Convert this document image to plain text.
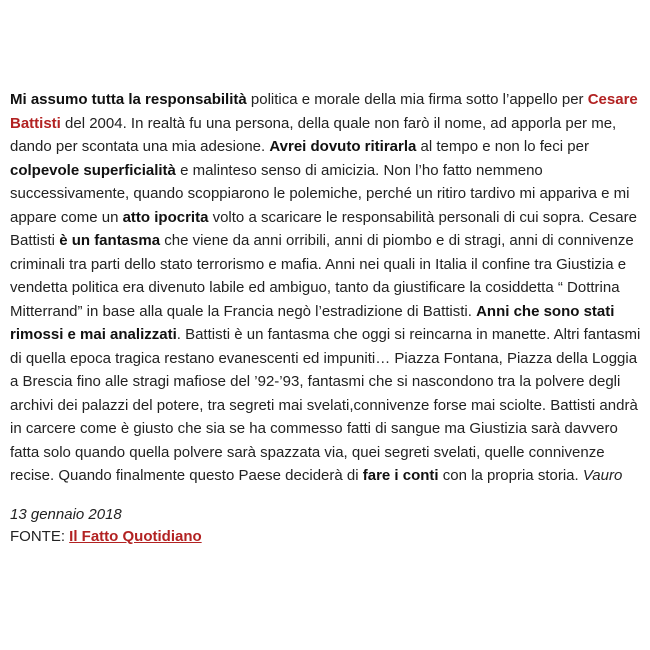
Mi assumo tutta la responsabilità politica e morale della mia firma sotto l’appello per Cesare Battisti del 2004. In realtà fu una persona, della quale non farò il nome, ad apporla per me, dando per scontata una mia adesione. Avrei dovuto ritirarla al tempo e non lo feci per colpevole superficialità e malinteso senso di amicizia. Non l’ho fatto nemmeno successivamente, quando scoppiarono le polemiche, perché un ritiro tardivo mi appariva e mi appare come un atto ipocrita volto a scaricare le responsabilità personali di cui sopra. Cesare Battisti è un fantasma che viene da anni orribili, anni di piombo e di stragi, anni di connivenze criminali tra parti dello stato terrorismo e mafia. Anni nei quali in Italia il confine tra Giustizia e vendetta politica era divenuto labile ed ambiguo, tanto da giustificare la cosiddetta “ Dottrina Mitterrand” in base alla quale la Francia negò l’estradizione di Battisti. Anni che sono stati rimossi e mai analizzati. Battisti è un fantasma che oggi si reincarna in manette. Altri fantasmi di quella epoca tragica restano evanescenti ed impuniti… Piazza Fontana, Piazza della Loggia a Brescia fino alle stragi mafiose del ’92-’93, fantasmi che si nascondono tra la polvere degli archivi dei palazzi del potere, tra segreti mai svelati,connivenze forse mai sciolte. Battisti andrà in carcere come è giusto che sia se ha commesso fatti di sangue ma Giustizia sarà davvero fatta solo quando quella polvere sarà spazzata via, quei segreti svelati, quelle connivenze recise. Quando finalmente questo Paese deciderà di fare i conti con la propria storia. Vauro

13 gennaio 2018
FONTE: Il Fatto Quotidiano
